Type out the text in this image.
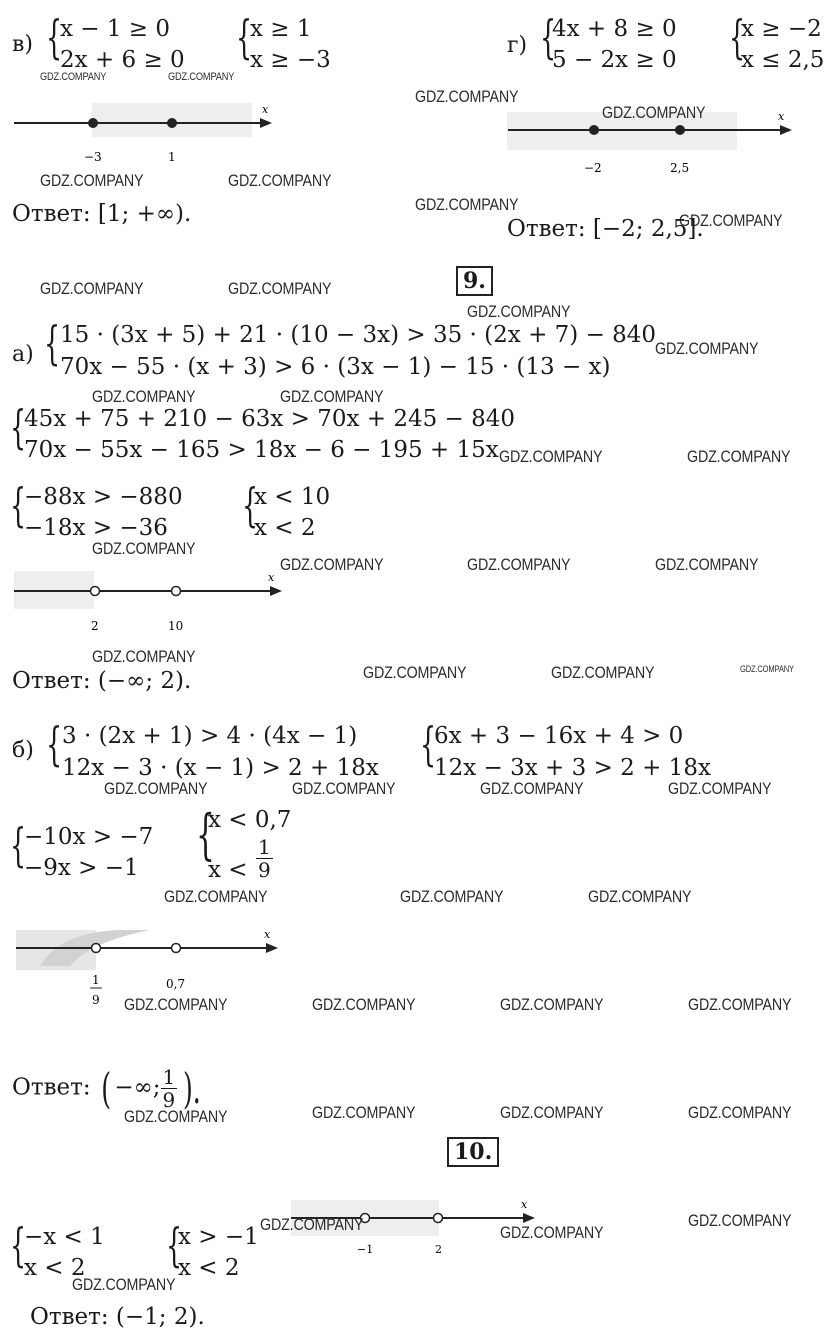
в) {
x − 1 ≥ 0
2x + 6 ≥ 0 {
x ≥ 1
x ≥ −3
x
−3	1
Ответ: [1; +∞).
г) {
4x + 8 ≥ 0
5 − 2x ≥ 0 {
x ≥ −2
x ≤ 2,5
x
−2	2,5
Ответ: [−2; 2,5].
9.
а) { 15 · (3x + 5) + 21 · (10 − 3x) > 35 · (2x + 7) − 840
70x − 55 · (x + 3) > 6 · (3x − 1) − 15 · (13 − x)
{
45x + 75 + 210 − 63x > 70x + 245 − 840
70x − 55x − 165 > 18x − 6 − 195 + 15x
{
−88x > −880
−18x > −36 {
x < 10
x < 2
x
2	10
Ответ: (−∞; 2).
б) { 3 · (2x + 1) > 4 · (4x − 1)
12x − 3 · (x − 1) > 2 + 18x {
6x + 3 − 16x + 4 > 0
12x − 3x + 3 > 2 + 18x
{
−10x > −7
−9x > −1
{
x < 0,7
$x < \frac{1}{9}$
x
1
9
0,7
Ответ: ( −∞; $\frac{1}{9}$ ).
10.
{
−x < 1
x < 2 {
x > −1
x < 2
x
−1	2
Ответ: (−1; 2).
GDZ.COMPANY	GDZ.COMPANY
GDZ.COMPANY
GDZ.COMPANY
GDZ.COMPANY	GDZ.COMPANY
GDZ.COMPANY
GDZ.COMPANY
GDZ.COMPANY	GDZ.COMPANY
GDZ.COMPANY
GDZ.COMPANY
GDZ.COMPANY	GDZ.COMPANY
GDZ.COMPANY	GDZ.COMPANY
GDZ.COMPANY
GDZ.COMPANY	GDZ.COMPANY	GDZ.COMPANY
GDZ.COMPANY
GDZ.COMPANY	GDZ.COMPANY	GDZ.COMPANY
GDZ.COMPANY	GDZ.COMPANY	GDZ.COMPANY	GDZ.COMPANY
GDZ.COMPANY	GDZ.COMPANY	GDZ.COMPANY
GDZ.COMPANY	GDZ.COMPANY	GDZ.COMPANY	GDZ.COMPANY
GDZ.COMPANY	GDZ.COMPANY	GDZ.COMPANY	GDZ.COMPANY
GDZ.COMPANY	GDZ.COMPANY
GDZ.COMPANY
GDZ.COMPANY
